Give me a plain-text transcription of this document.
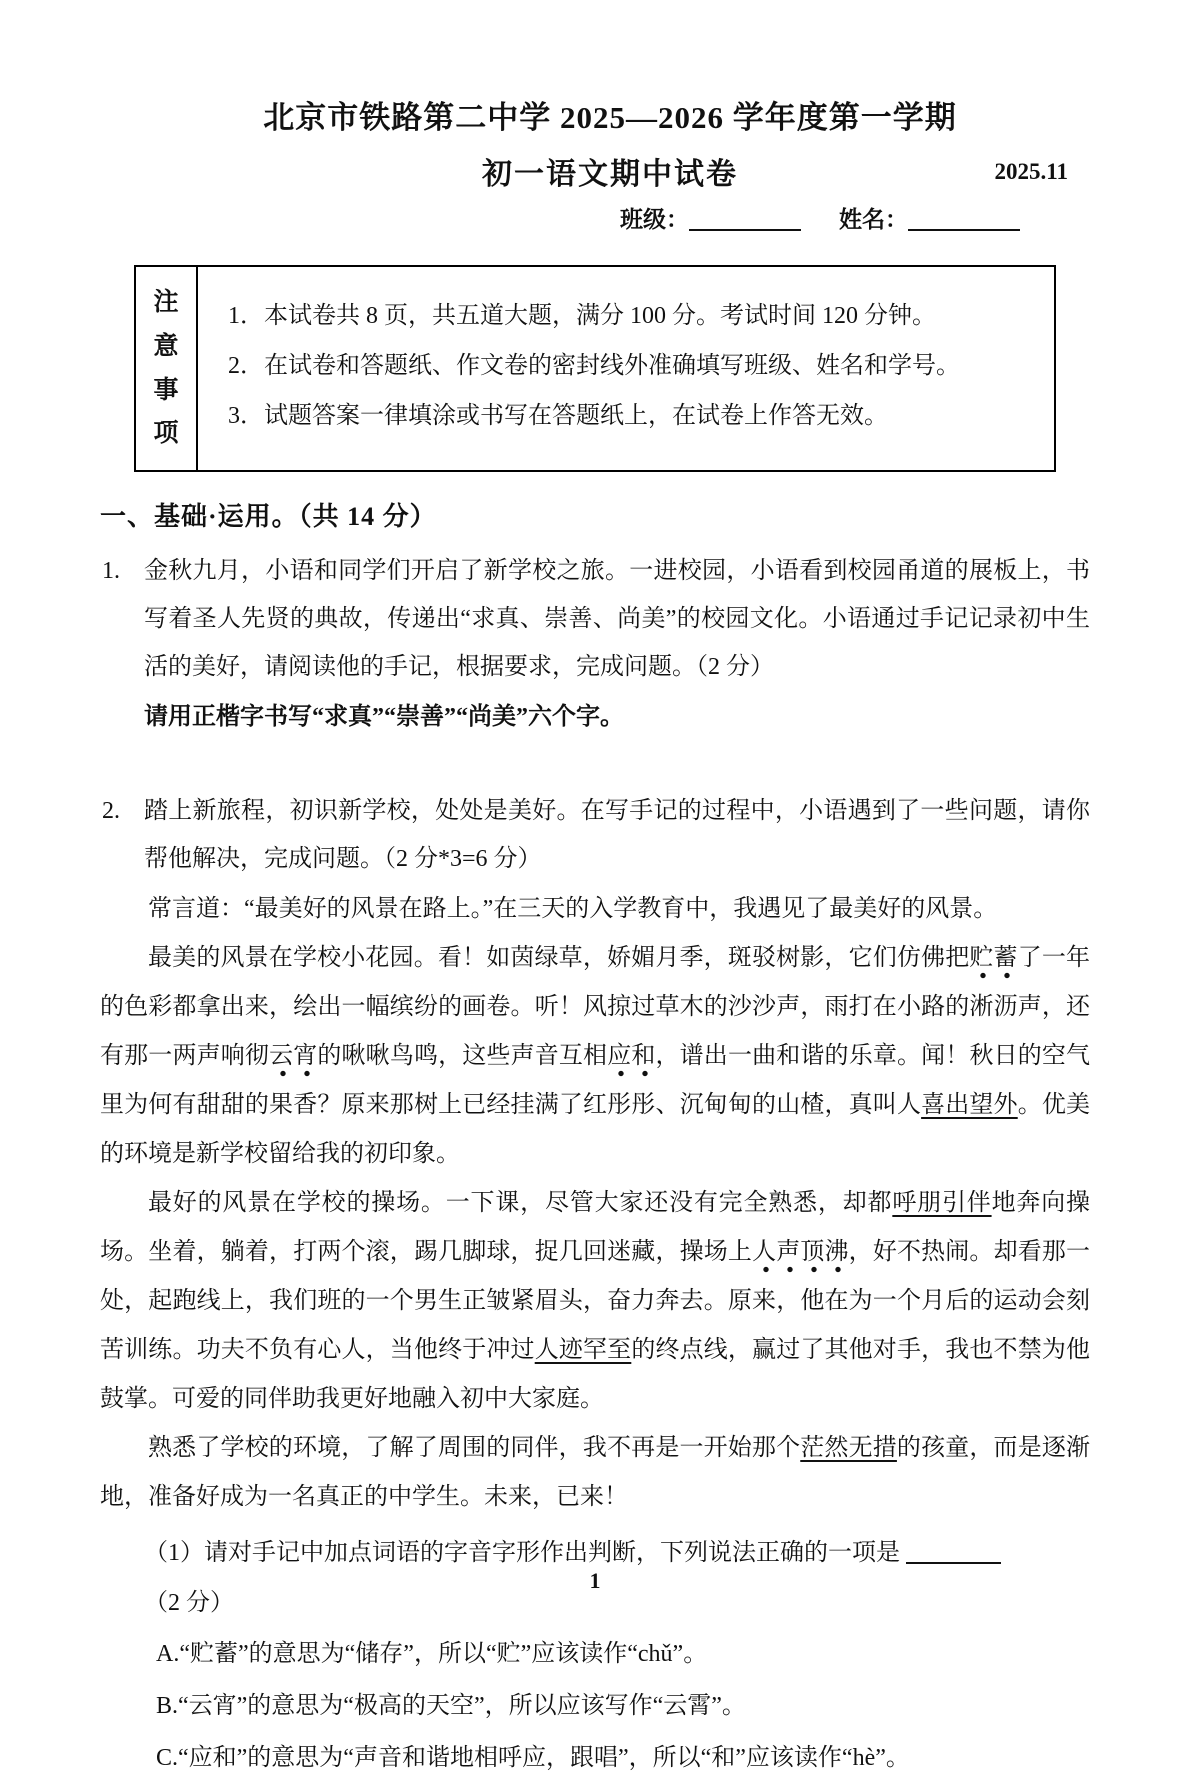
北京市铁路第二中学 2025—2026 学年度第一学期
初一语文期中试卷	2025.11
班级：	姓名：
注意事项
1．本试卷共 8 页，共五道大题，满分 100 分。考试时间 120 分钟。
2．在试卷和答题纸、作文卷的密封线外准确填写班级、姓名和学号。
3．试题答案一律填涂或书写在答题纸上，在试卷上作答无效。
一、基础·运用。（共 14 分）
1. 金秋九月，小语和同学们开启了新学校之旅。一进校园，小语看到校园甬道的展板上，书写着圣人先贤的典故，传递出“求真、崇善、尚美”的校园文化。小语通过手记记录初中生活的美好，请阅读他的手记，根据要求，完成问题。（2 分）
请用正楷字书写“求真”“崇善”“尚美”六个字。
2. 踏上新旅程，初识新学校，处处是美好。在写手记的过程中，小语遇到了一些问题，请你帮他解决，完成问题。（2 分*3=6 分）

常言道：“最美好的风景在路上。”在三天的入学教育中，我遇见了最美好的风景。

最美的风景在学校小花园。看！如茵绿草，娇媚月季，斑驳树影，它们仿佛把贮蓄了一年的色彩都拿出来，绘出一幅缤纷的画卷。听！风掠过草木的沙沙声，雨打在小路的淅沥声，还有那一两声响彻云宵的啾啾鸟鸣，这些声音互相应和，谱出一曲和谐的乐章。闻！秋日的空气里为何有甜甜的果香？原来那树上已经挂满了红彤彤、沉甸甸的山楂，真叫人喜出望外。优美的环境是新学校留给我的初印象。

最好的风景在学校的操场。一下课，尽管大家还没有完全熟悉，却都呼朋引伴地奔向操场。坐着，躺着，打两个滚，踢几脚球，捉几回迷藏，操场上人声顶沸，好不热闹。却看那一处，起跑线上，我们班的一个男生正皱紧眉头，奋力奔去。原来，他在为一个月后的运动会刻苦训练。功夫不负有心人，当他终于冲过人迹罕至的终点线，赢过了其他对手，我也不禁为他鼓掌。可爱的同伴助我更好地融入初中大家庭。

熟悉了学校的环境，了解了周围的同伴，我不再是一开始那个茫然无措的孩童，而是逐渐地，准备好成为一名真正的中学生。未来，已来！

（1）请对手记中加点词语的字音字形作出判断，下列说法正确的一项是  （2 分）
A.“贮蓄”的意思为“储存”，所以“贮”应该读作“chǔ”。
B.“云宵”的意思为“极高的天空”，所以应该写作“云霄”。
C.“应和”的意思为“声音和谐地相呼应，跟唱”，所以“和”应该读作“hè”。
1
